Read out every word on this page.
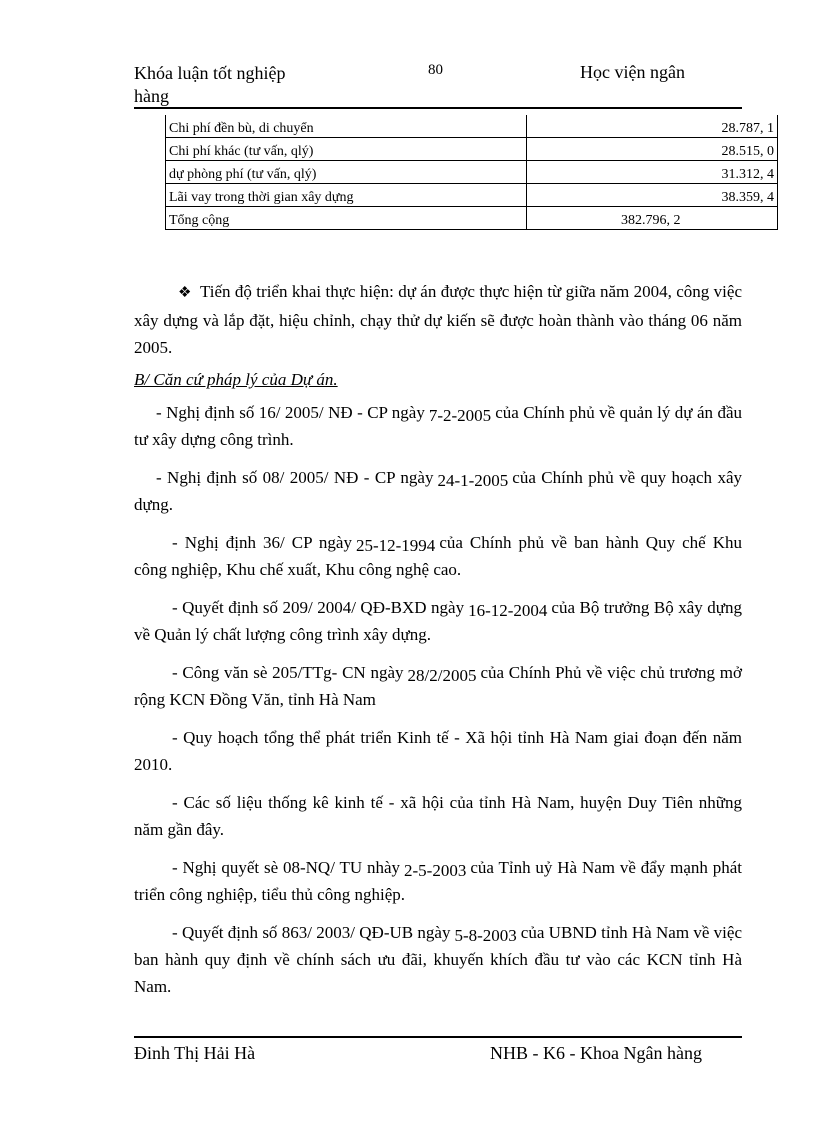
Khóa luận tốt nghiệp
hàng
80	Học viện ngân
Chi phí đền bù, di chuyển	28.787, 1
Chi phí khác (tư vấn, qlý)	28.515, 0
dự phòng phí (tư vấn, qlý)	31.312, 4
Lãi vay trong thời gian xây dựng	38.359, 4
Tổng cộng	382.796, 2

❖ Tiến độ triển khai thực hiện: dự án được thực hiện từ giữa năm 2004, công việc xây dựng và lắp đặt, hiệu chỉnh, chạy thử dự kiến sẽ được hoàn thành vào tháng 06 năm 2005.

B/ Căn cứ pháp lý của Dự án.

- Nghị định số 16/ 2005/ NĐ - CP ngày 7-2-2005 của Chính phủ về quản lý dự án đầu tư xây dựng công trình.

- Nghị định số 08/ 2005/ NĐ - CP ngày 24-1-2005 của Chính phủ về quy hoạch xây dựng.

- Nghị định 36/ CP ngày 25-12-1994 của Chính phủ về ban hành Quy chế Khu công nghiệp, Khu chế xuất, Khu công nghệ cao.

- Quyết định số 209/ 2004/ QĐ-BXD ngày 16-12-2004 của Bộ trưởng Bộ xây dựng về Quản lý chất lượng công trình xây dựng.

- Công văn sè 205/TTg- CN ngày 28/2/2005 của Chính Phủ về việc chủ trương mở rộng KCN Đồng Văn, tỉnh Hà Nam

- Quy hoạch tổng thể phát triển Kinh tế - Xã hội tỉnh Hà Nam giai đoạn đến năm 2010.

- Các số liệu thống kê kinh tế - xã hội của tỉnh Hà Nam, huyện Duy Tiên những năm gần đây.

- Nghị quyết sè 08-NQ/ TU nhày 2-5-2003 của Tỉnh uỷ Hà Nam về đẩy mạnh phát triển công nghiệp, tiểu thủ công nghiệp.

- Quyết định số 863/ 2003/ QĐ-UB ngày 5-8-2003 của UBND tỉnh Hà Nam về việc ban hành quy định về chính sách ưu đãi, khuyến khích đầu tư vào các KCN tỉnh Hà Nam.

Đinh Thị Hải Hà	NHB - K6 - Khoa Ngân hàng
